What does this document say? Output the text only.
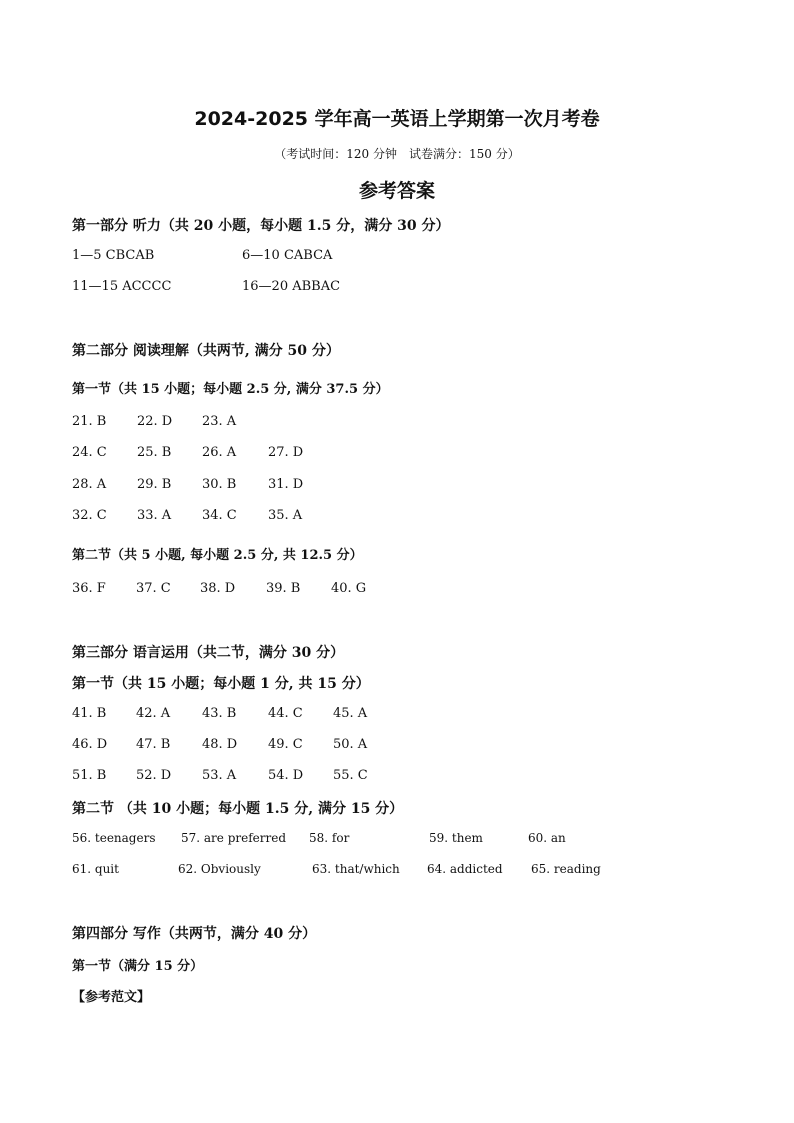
2024-2025 学年高一英语上学期第一次月考卷
（考试时间：120 分钟　试卷满分：150 分）
参考答案
第一部分 听力（共 20 小题，每小题 1.5 分，满分 30 分）
1—5 CBCAB	6—10 CABCA
11—15 ACCCC	16—20 ABBAC
第二部分 阅读理解（共两节, 满分 50 分）
第一节（共 15 小题；每小题 2.5 分, 满分 37.5 分）
21. B 22. D 23. A
24. C 25. B 26. A 27. D
28. A 29. B 30. B 31. D
32. C 33. A 34. C 35. A
第二节（共 5 小题, 每小题 2.5 分, 共 12.5 分）
36. F 37. C 38. D 39. B 40. G
第三部分 语言运用（共二节，满分 30 分）
第一节（共 15 小题；每小题 1 分, 共 15 分）
41. B 42. A 43. B 44. C 45. A
46. D 47. B 48. D 49. C 50. A
51. B 52. D 53. A 54. D 55. C
第二节 （共 10 小题；每小题 1.5 分, 满分 15 分）
56. teenagers 57. are preferred 58. for	59. them	60. an
61. quit	62. Obviously	63. that/which 64. addicted 65. reading
第四部分 写作（共两节，满分 40 分）
第一节（满分 15 分）
【参考范文】
